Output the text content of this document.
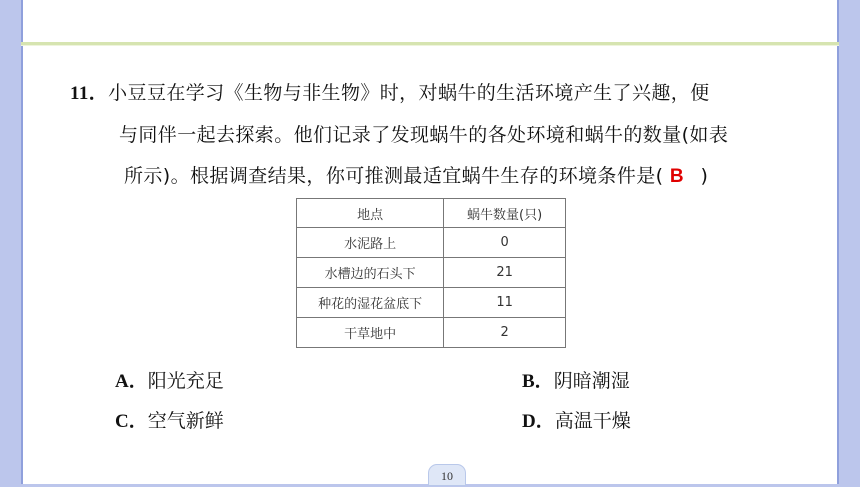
11．小豆豆在学习《生物与非生物》时，对蜗牛的生活环境产生了兴趣，便
与同伴一起去探索。他们记录了发现蜗牛的各处环境和蜗牛的数量(如表
所示)。根据调查结果，你可推测最适宜蜗牛生存的环境条件是( B )
地点	蜗牛数量(只)
水泥路上	0
水槽边的石头下	21
种花的湿花盆底下	11
干草地中	2
A．阳光充足	B．阴暗潮湿
C．空气新鲜	D．高温干燥
10
